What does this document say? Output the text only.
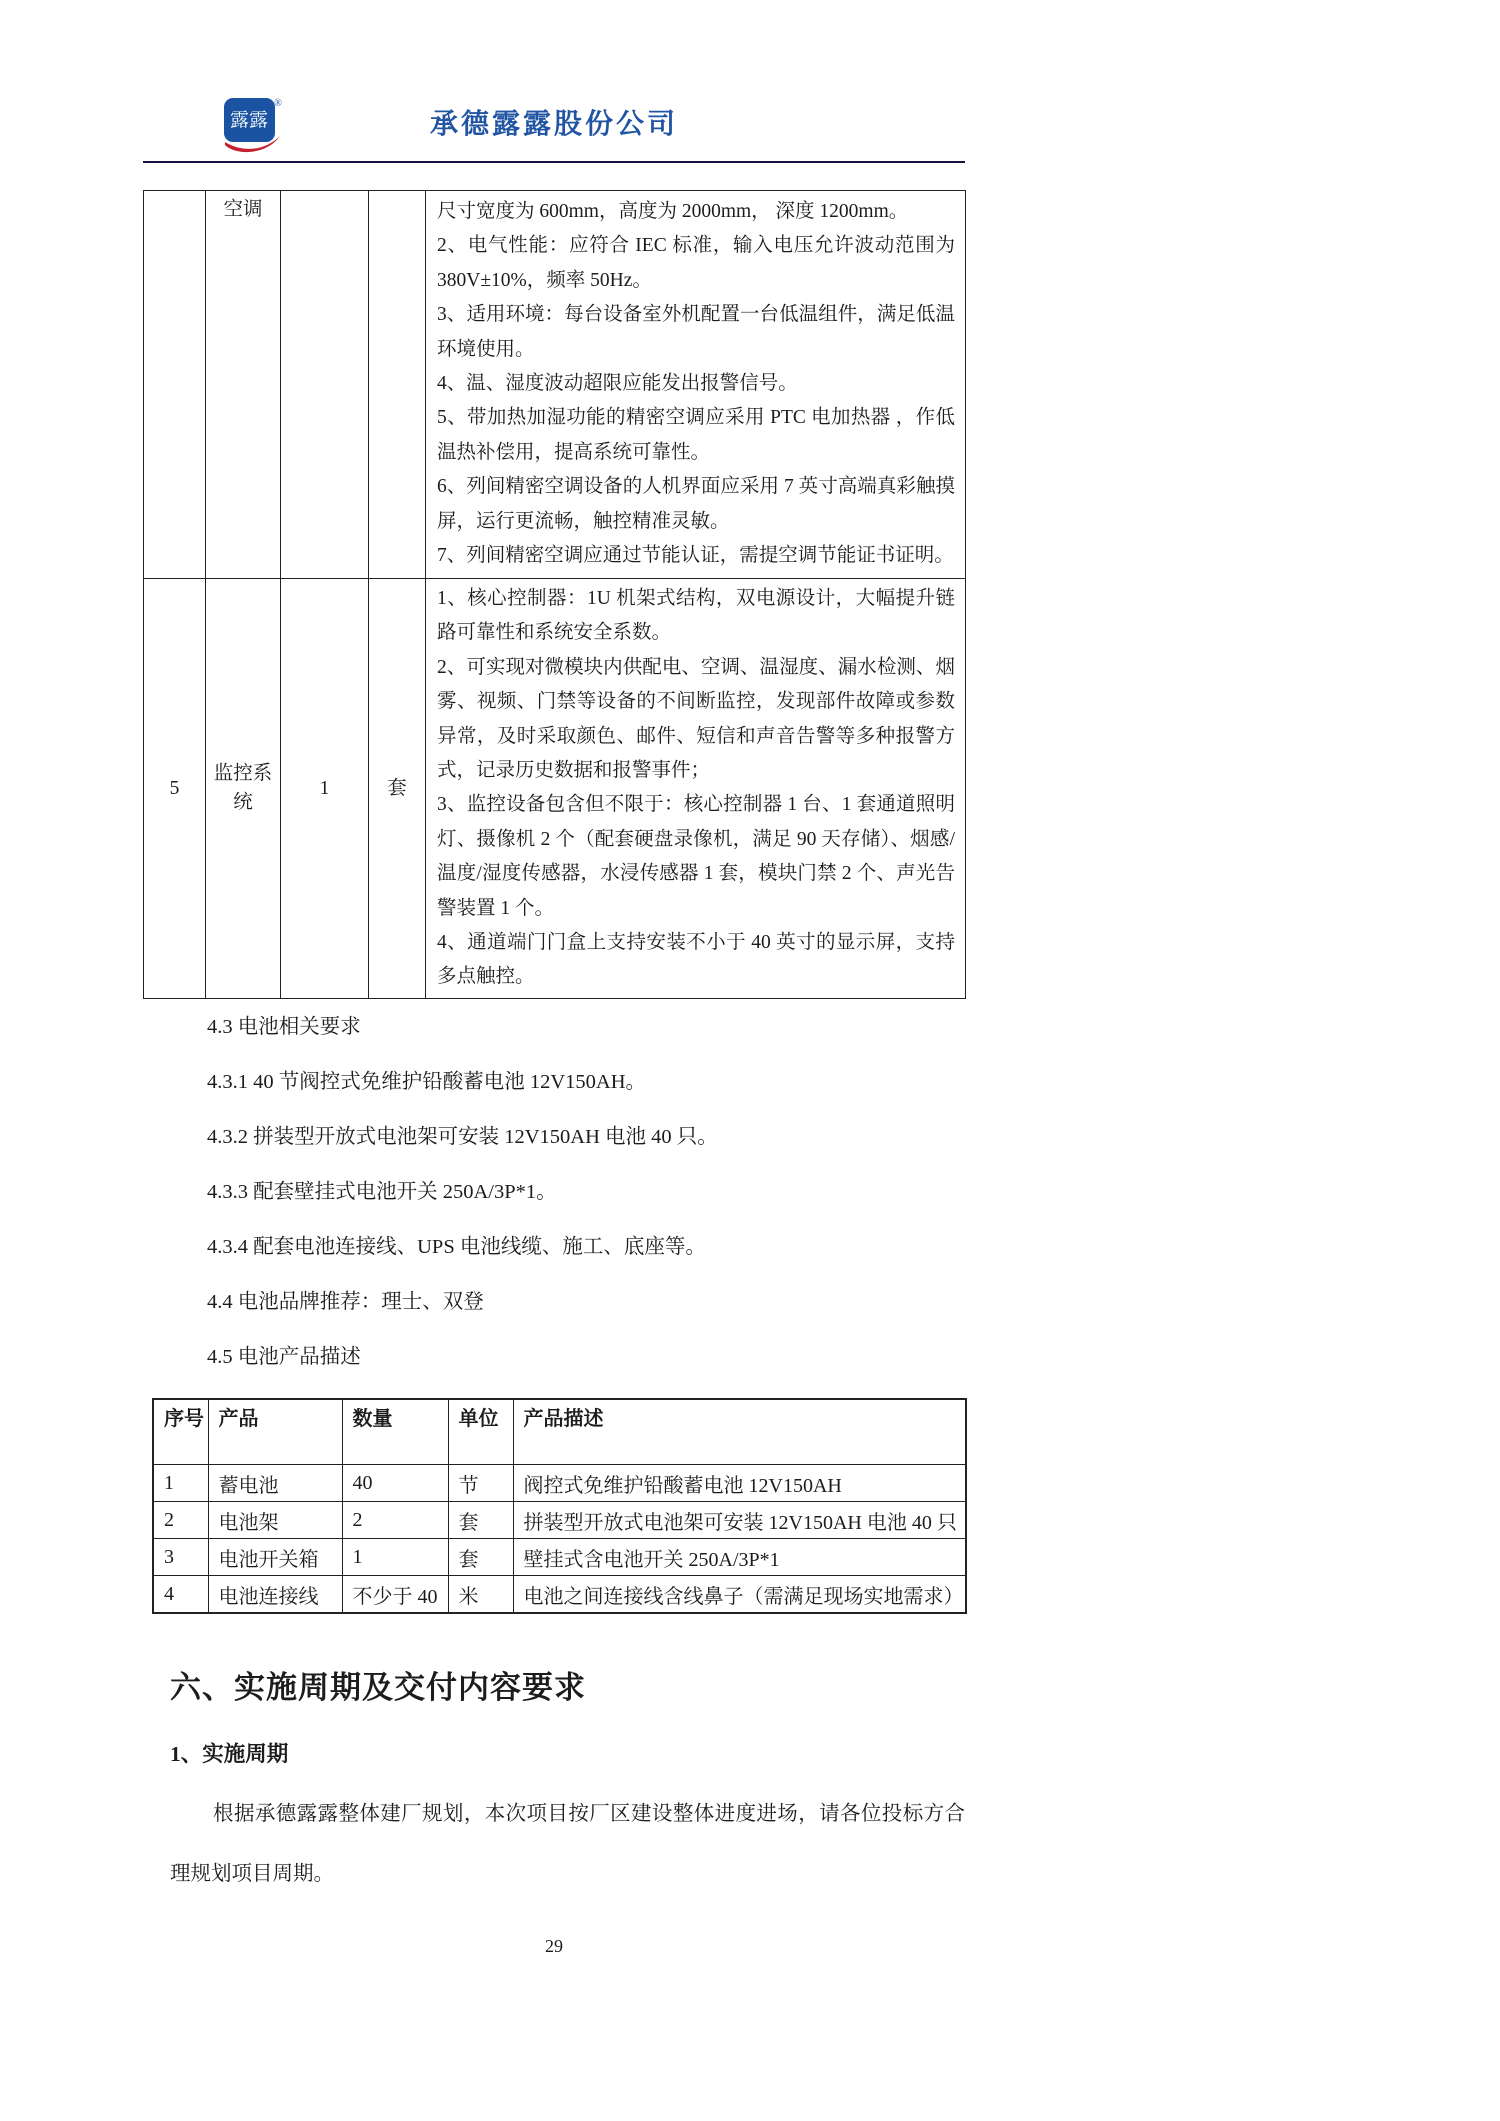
露露
®
承德露露股份公司
	空调			尺寸宽度为 600mm，高度为 2000mm， 深度 1200mm。

2、电气性能：应符合 IEC 标准，输入电压允许波动范围为 380V±10%，频率 50Hz。

3、适用环境：每台设备室外机配置一台低温组件，满足低温环境使用。

4、温、湿度波动超限应能发出报警信号。

5、带加热加湿功能的精密空调应采用 PTC 电加热器 ，作低温热补偿用，提高系统可靠性。

6、列间精密空调设备的人机界面应采用 7 英寸高端真彩触摸屏，运行更流畅，触控精准灵敏。

7、列间精密空调应通过节能认证，需提空调节能证书证明。

5	监控系统	1	套	1、核心控制器：1U 机架式结构，双电源设计，大幅提升链路可靠性和系统安全系数。

2、可实现对微模块内供配电、空调、温湿度、漏水检测、烟雾、视频、门禁等设备的不间断监控，发现部件故障或参数异常，及时采取颜色、邮件、短信和声音告警等多种报警方式，记录历史数据和报警事件；

3、监控设备包含但不限于：核心控制器 1 台、1 套通道照明灯、摄像机 2 个（配套硬盘录像机，满足 90 天存储）、烟感/温度/湿度传感器，水浸传感器 1 套，模块门禁 2 个、声光告警装置 1 个。

4、通道端门门盒上支持安装不小于 40 英寸的显示屏，支持多点触控。

4.3 电池相关要求

4.3.1 40 节阀控式免维护铅酸蓄电池 12V150AH。

4.3.2 拼装型开放式电池架可安装 12V150AH 电池 40 只。

4.3.3 配套壁挂式电池开关 250A/3P*1。

4.3.4 配套电池连接线、UPS 电池线缆、施工、底座等。

4.4 电池品牌推荐：理士、双登

4.5 电池产品描述

序号	产品	数量	单位	产品描述
1	蓄电池	40	节	阀控式免维护铅酸蓄电池 12V150AH
2	电池架	2	套	拼装型开放式电池架可安装 12V150AH 电池 40 只
3	电池开关箱	1	套	壁挂式含电池开关 250A/3P*1
4	电池连接线	不少于 40	米	电池之间连接线含线鼻子（需满足现场实地需求）
六、实施周期及交付内容要求
1、实施周期

根据承德露露整体建厂规划，本次项目按厂区建设整体进度进场，请各位投标方合理规划项目周期。

29
